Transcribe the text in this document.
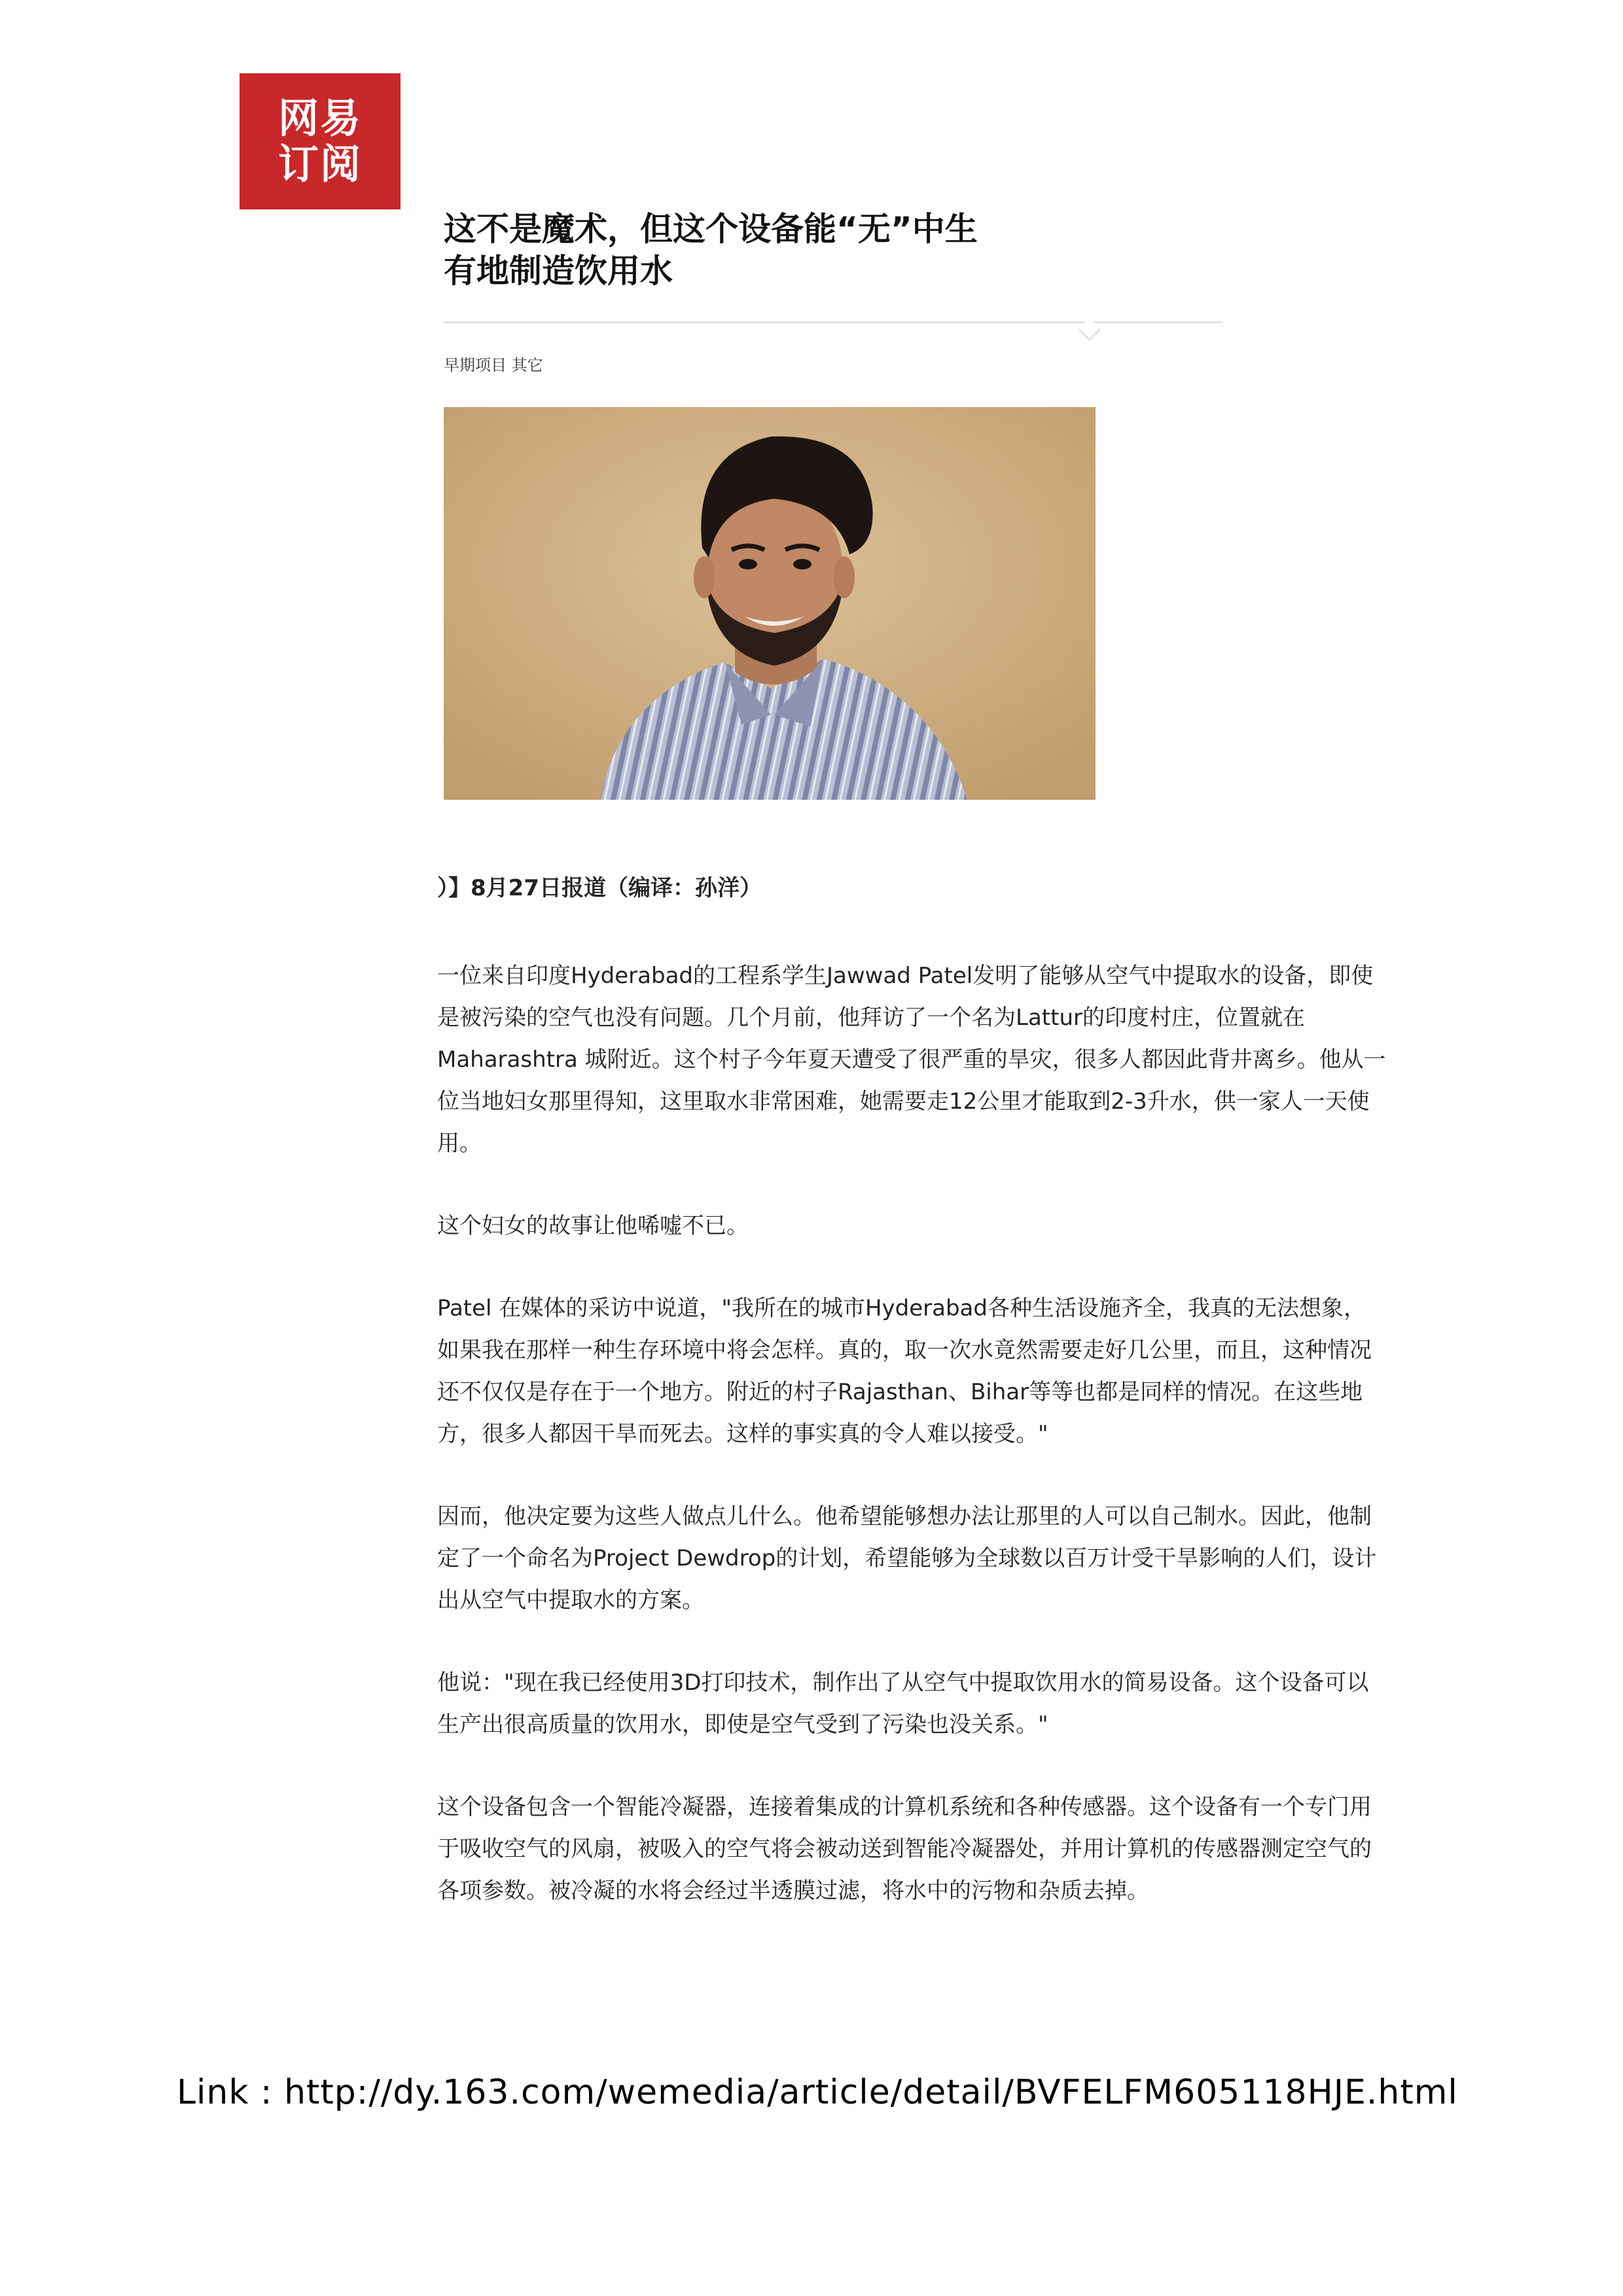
网易
订阅
这不是魔术，但这个设备能“无”中生
有地制造饮用水
早期项目 其它

）】8月27日报道（编译：孙洋）

一位来自印度Hyderabad的工程系学生Jawwad Patel发明了能够从空气中提取水的设备，即使是被污染的空气也没有问题。几个月前，他拜访了一个名为Lattur的印度村庄，位置就在Maharashtra 城附近。这个村子今年夏天遭受了很严重的旱灾，很多人都因此背井离乡。他从一位当地妇女那里得知，这里取水非常困难，她需要走12公里才能取到2-3升水，供一家人一天使用。

这个妇女的故事让他唏嘘不已。

Patel 在媒体的采访中说道，"我所在的城市Hyderabad各种生活设施齐全，我真的无法想象，如果我在那样一种生存环境中将会怎样。真的，取一次水竟然需要走好几公里，而且，这种情况还不仅仅是存在于一个地方。附近的村子Rajasthan、Bihar等等也都是同样的情况。在这些地方，很多人都因干旱而死去。这样的事实真的令人难以接受。"

因而，他决定要为这些人做点儿什么。他希望能够想办法让那里的人可以自己制水。因此，他制定了一个命名为Project Dewdrop的计划，希望能够为全球数以百万计受干旱影响的人们，设计出从空气中提取水的方案。

他说："现在我已经使用3D打印技术，制作出了从空气中提取饮用水的简易设备。这个设备可以生产出很高质量的饮用水，即使是空气受到了污染也没关系。"

这个设备包含一个智能冷凝器，连接着集成的计算机系统和各种传感器。这个设备有一个专门用于吸收空气的风扇，被吸入的空气将会被动送到智能冷凝器处，并用计算机的传感器测定空气的各项参数。被冷凝的水将会经过半透膜过滤，将水中的污物和杂质去掉。

Link : http://dy.163.com/wemedia/article/detail/BVFELFM605118HJE.html
